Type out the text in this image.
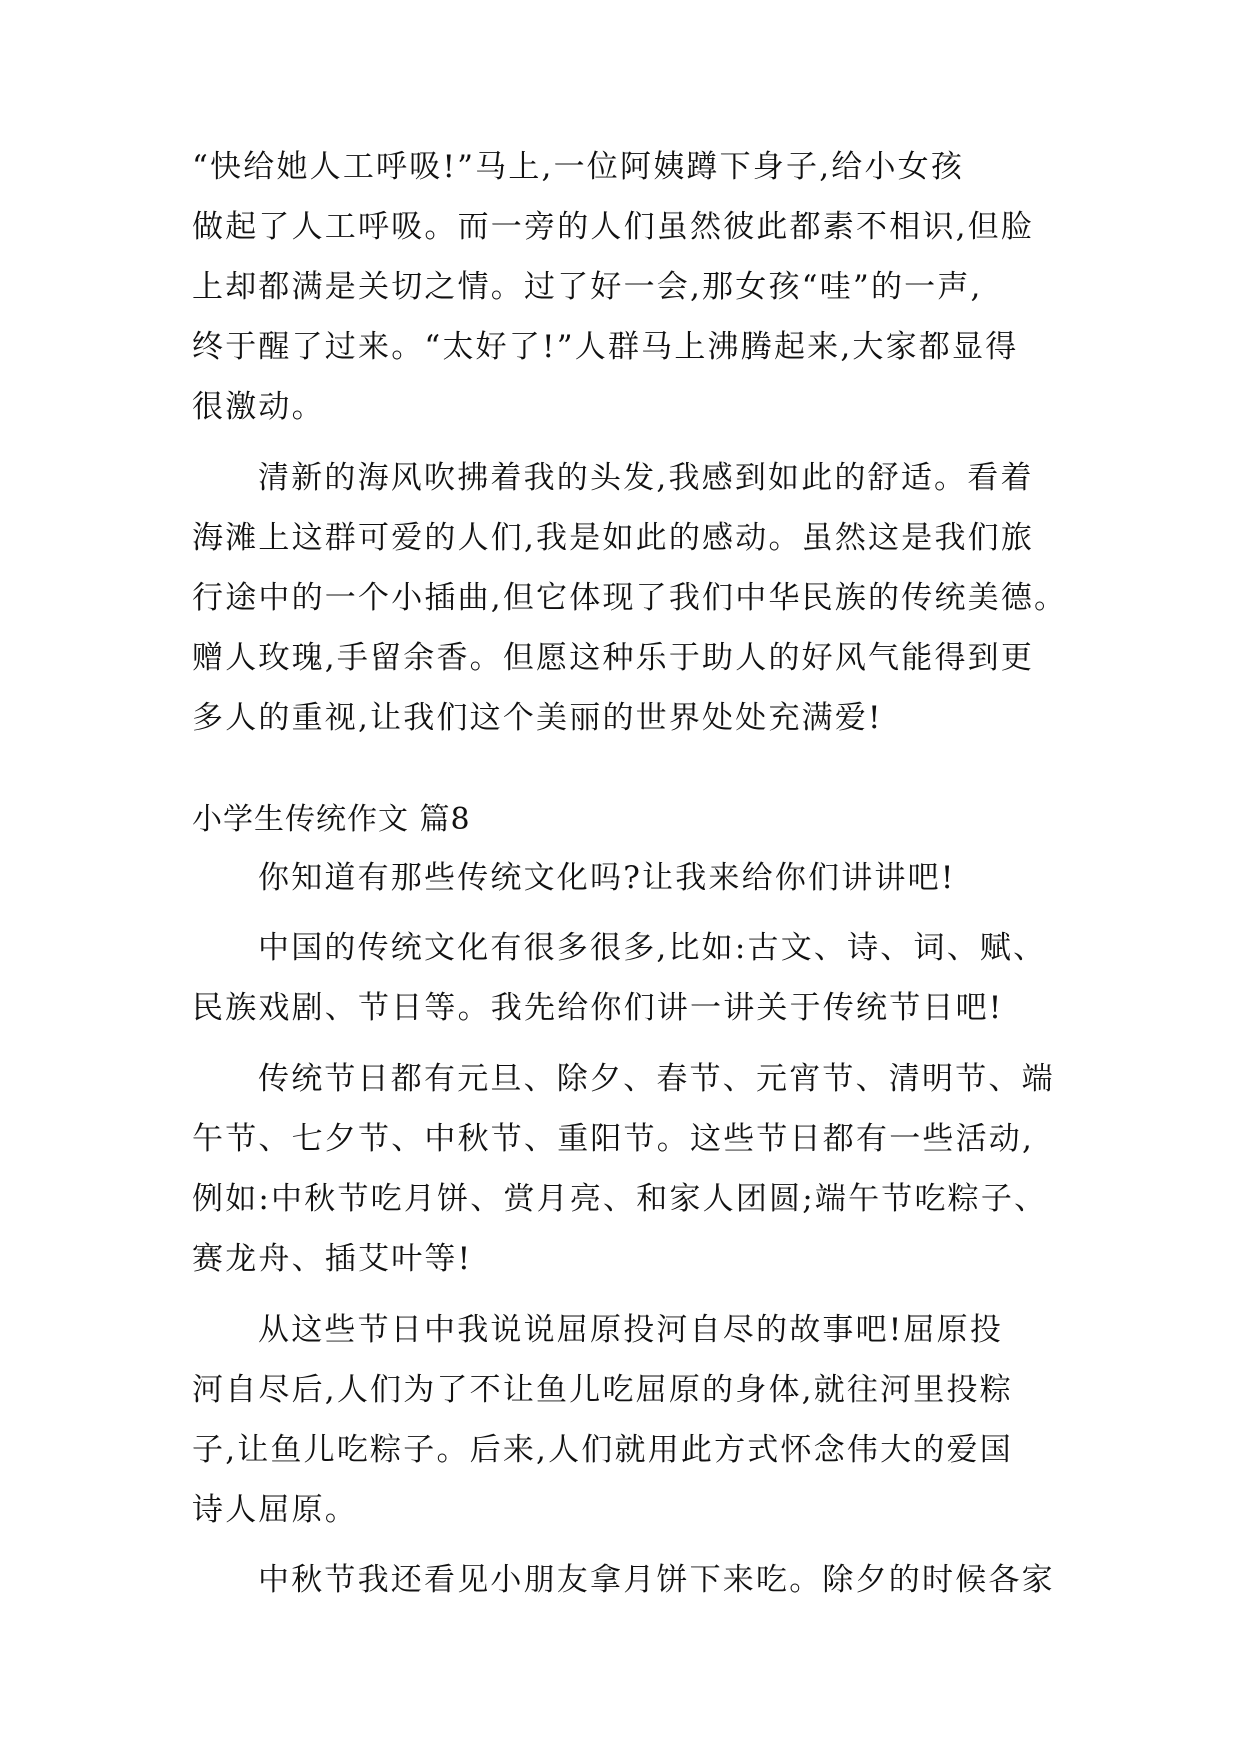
“快给她人工呼吸!”马上,一位阿姨蹲下身子,给小女孩
做起了人工呼吸。而一旁的人们虽然彼此都素不相识,但脸
上却都满是关切之情。过了好一会,那女孩“哇”的一声,
终于醒了过来。“太好了!”人群马上沸腾起来,大家都显得
很激动。
清新的海风吹拂着我的头发,我感到如此的舒适。看着
海滩上这群可爱的人们,我是如此的感动。虽然这是我们旅
行途中的一个小插曲,但它体现了我们中华民族的传统美德。
赠人玫瑰,手留余香。但愿这种乐于助人的好风气能得到更
多人的重视,让我们这个美丽的世界处处充满爱!
小学生传统作文 篇8
你知道有那些传统文化吗?让我来给你们讲讲吧!
中国的传统文化有很多很多,比如:古文、诗、词、赋、
民族戏剧、节日等。我先给你们讲一讲关于传统节日吧!
传统节日都有元旦、除夕、春节、元宵节、清明节、端
午节、七夕节、中秋节、重阳节。这些节日都有一些活动,
例如:中秋节吃月饼、赏月亮、和家人团圆;端午节吃粽子、
赛龙舟、插艾叶等!
从这些节日中我说说屈原投河自尽的故事吧!屈原投
河自尽后,人们为了不让鱼儿吃屈原的身体,就往河里投粽
子,让鱼儿吃粽子。后来,人们就用此方式怀念伟大的爱国
诗人屈原。
中秋节我还看见小朋友拿月饼下来吃。除夕的时候各家
